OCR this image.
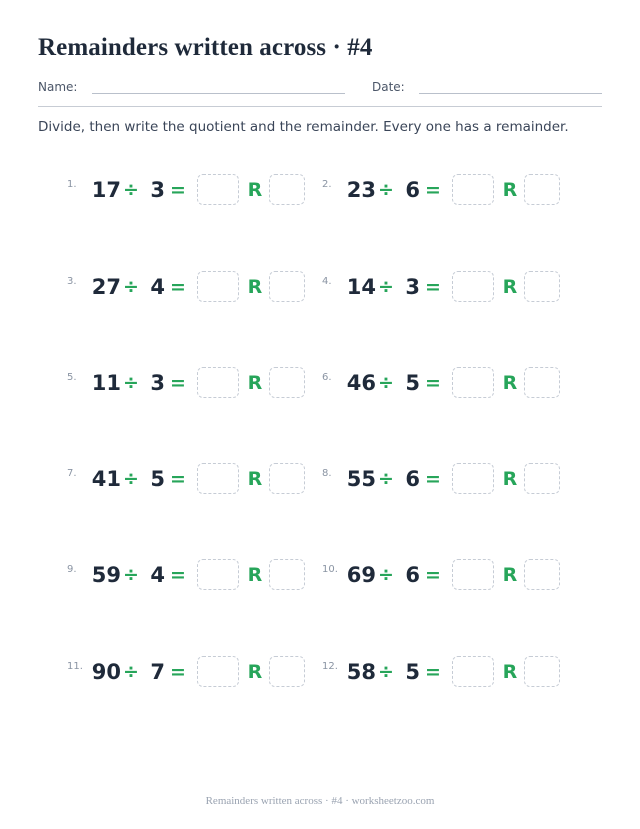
Remainders written across · #4
Name:	Date:
Divide, then write the quotient and the remainder. Every one has a remainder.
1. 17 ÷ 3 =	R	2. 23 ÷ 6 =	R
3. 27 ÷ 4 =	R	4. 14 ÷ 3 =	R
5. 11 ÷ 3 =	R	6. 46 ÷ 5 =	R
7. 41 ÷ 5 =	R	8. 55 ÷ 6 =	R
9. 59 ÷ 4 =	R	10. 69 ÷ 6 =	R
11. 90 ÷ 7 =	R	12. 58 ÷ 5 =	R
Remainders written across · #4 · worksheetzoo.com
